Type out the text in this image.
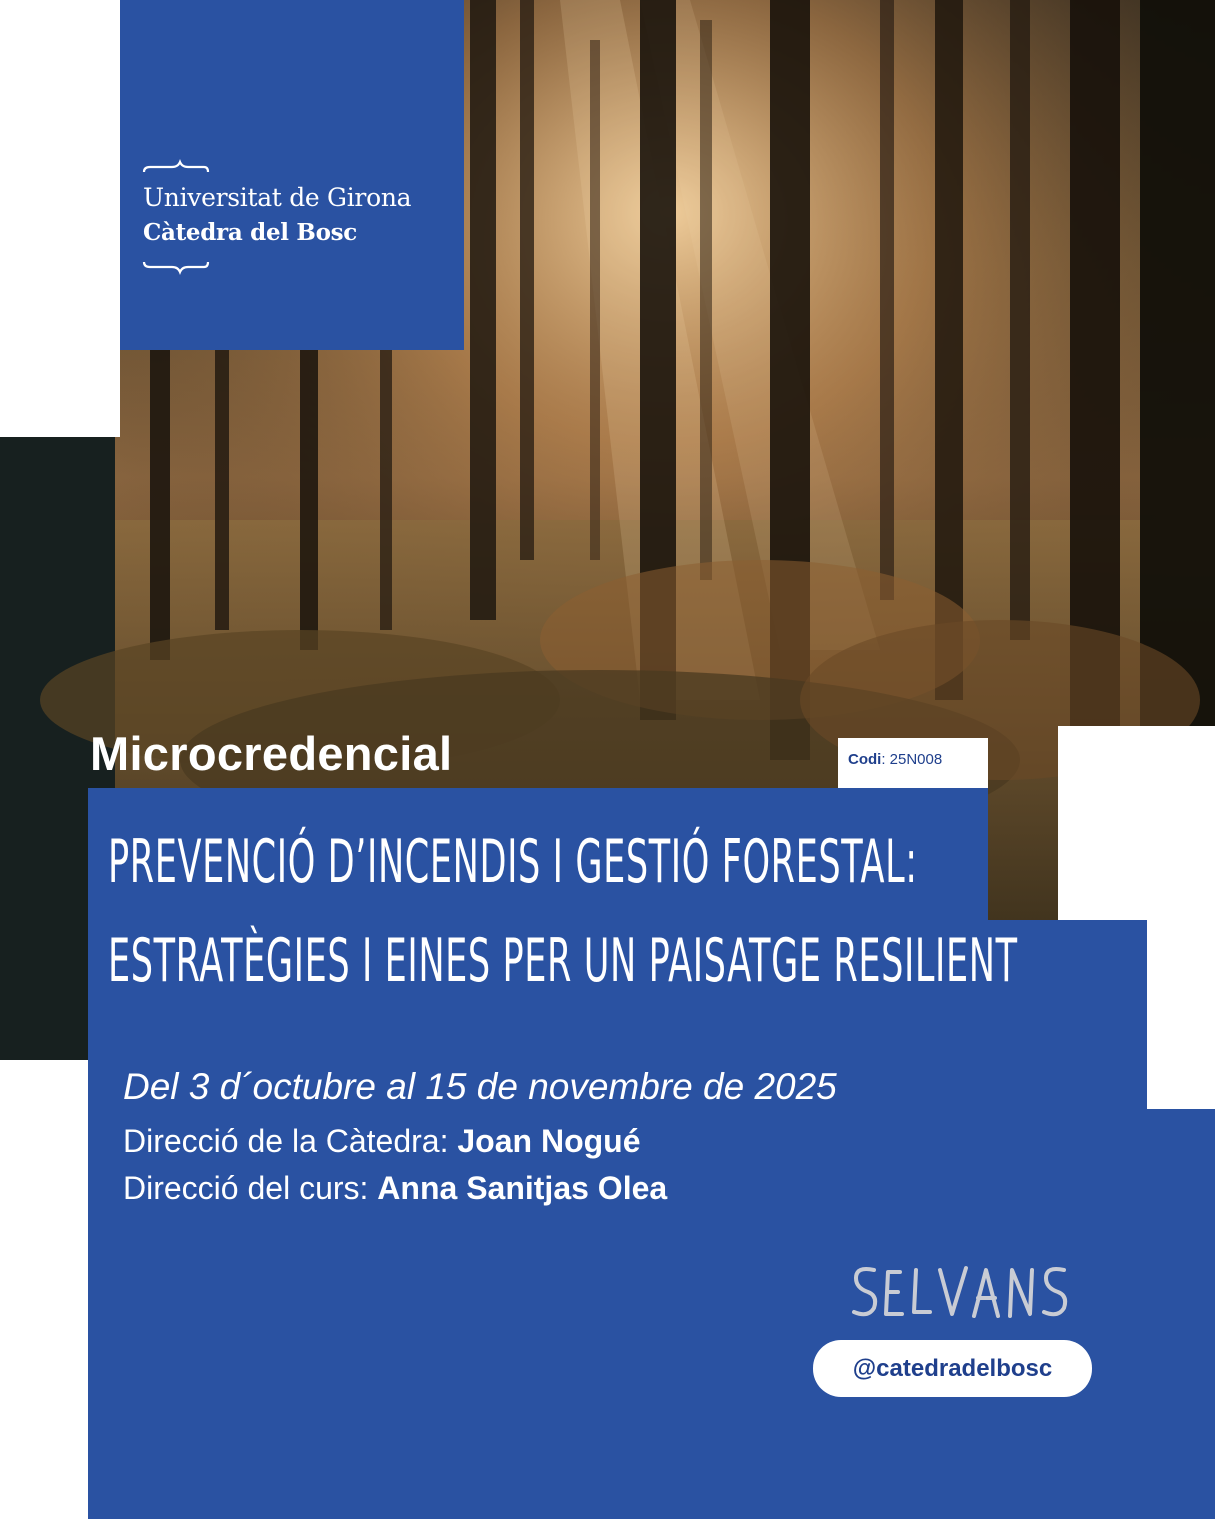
Universitat de Girona
Càtedra del Bosc
Microcredencial	Codi: 25N008
PREVENCIÓ D’INCENDIS I GESTIÓ FORESTAL:
ESTRATÈGIES I EINES PER UN PAISATGE RESILIENT
Del 3 d´octubre al 15 de novembre de 2025
Direcció de la Càtedra: Joan Nogué
Direcció del curs: Anna Sanitjas Olea
@catedradelbosc
